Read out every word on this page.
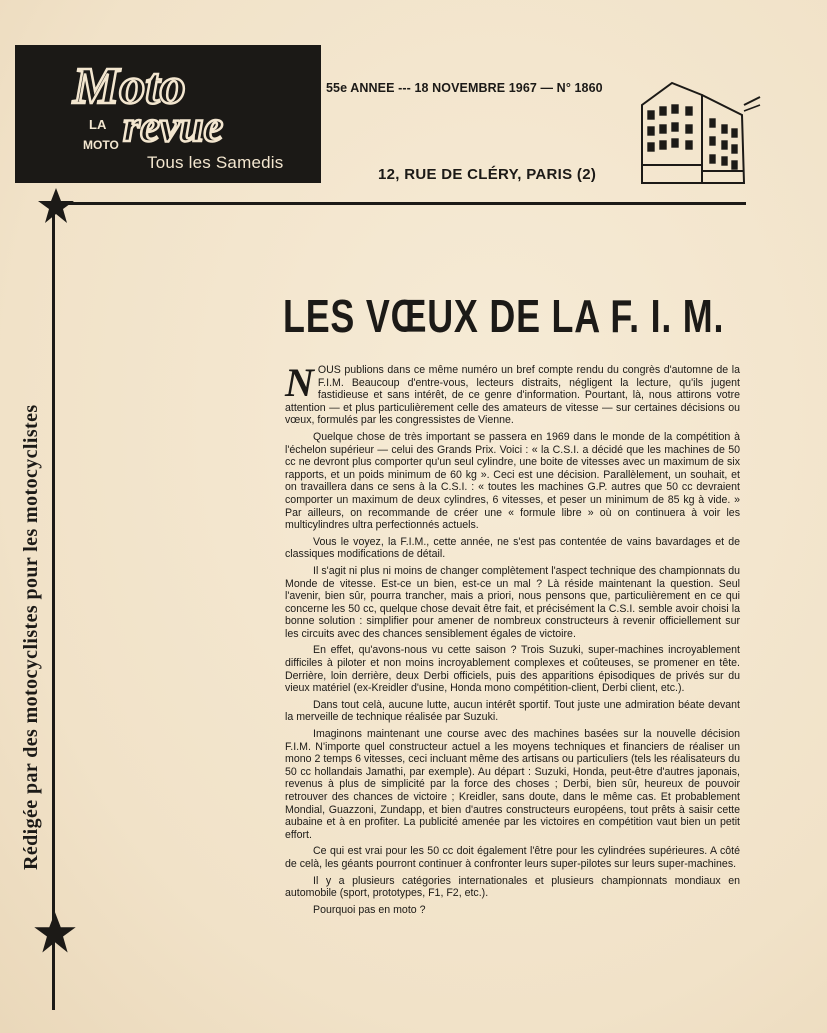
Moto
LA revue
MOTO
Tous les Samedis
55e ANNEE --- 18 NOVEMBRE 1967 — N° 1860
12, RUE DE CLÉRY, PARIS (2)
Rédigée par des motocyclistes pour les motocyclistes
LES VŒUX DE LA F. I. M.

NOUS publions dans ce même numéro un bref compte rendu du congrès d'automne de la F.I.M. Beaucoup d'entre-vous, lecteurs distraits, négligent la lecture, qu'ils jugent fastidieuse et sans intérêt, de ce genre d'information. Pourtant, là, nous attirons votre attention — et plus particulièrement celle des amateurs de vitesse — sur certaines décisions ou vœux, formulés par les congressistes de Vienne.

Quelque chose de très important se passera en 1969 dans le monde de la compétition à l'échelon supérieur — celui des Grands Prix. Voici : « la C.S.I. a décidé que les machines de 50 cc ne devront plus comporter qu'un seul cylindre, une boite de vitesses avec un maximum de six rapports, et un poids minimum de 60 kg ». Ceci est une décision. Parallèlement, un souhait, et on travaillera dans ce sens à la C.S.I. : « toutes les machines G.P. autres que 50 cc devraient comporter un maximum de deux cylindres, 6 vitesses, et peser un minimum de 85 kg à vide. » Par ailleurs, on recommande de créer une « formule libre » où on continuera à voir les multicylindres ultra perfectionnés actuels.

Vous le voyez, la F.I.M., cette année, ne s'est pas contentée de vains bavardages et de classiques modifications de détail.

Il s'agit ni plus ni moins de changer complètement l'aspect technique des championnats du Monde de vitesse. Est-ce un bien, est-ce un mal ? Là réside maintenant la question. Seul l'avenir, bien sûr, pourra trancher, mais a priori, nous pensons que, particulièrement en ce qui concerne les 50 cc, quelque chose devait être fait, et précisément la C.S.I. semble avoir choisi la bonne solution : simplifier pour amener de nombreux constructeurs à revenir officiellement sur les circuits avec des chances sensiblement égales de victoire.

En effet, qu'avons-nous vu cette saison ? Trois Suzuki, super-machines incroyablement difficiles à piloter et non moins incroyablement complexes et coûteuses, se promener en tête. Derrière, loin derrière, deux Derbi officiels, puis des apparitions épisodiques de privés sur du vieux matériel (ex-Kreidler d'usine, Honda mono compétition-client, Derbi client, etc.).

Dans tout celà, aucune lutte, aucun intérêt sportif. Tout juste une admiration béate devant la merveille de technique réalisée par Suzuki.

Imaginons maintenant une course avec des machines basées sur la nouvelle décision F.I.M. N'importe quel constructeur actuel a les moyens techniques et financiers de réaliser un mono 2 temps 6 vitesses, ceci incluant même des artisans ou particuliers (tels les réalisateurs du 50 cc hollandais Jamathi, par exemple). Au départ : Suzuki, Honda, peut-être d'autres japonais, revenus à plus de simplicité par la force des choses ; Derbi, bien sûr, heureux de pouvoir retrouver des chances de victoire ; Kreidler, sans doute, dans le même cas. Et probablement Mondial, Guazzoni, Zundapp, et bien d'autres constructeurs européens, tout prêts à saisir cette aubaine et à en profiter. La publicité amenée par les victoires en compétition vaut bien un petit effort.

Ce qui est vrai pour les 50 cc doit également l'être pour les cylindrées supérieures. A côté de celà, les géants pourront continuer à confronter leurs super-pilotes sur leurs super-machines.

Il y a plusieurs catégories internationales et plusieurs championnats mondiaux en automobile (sport, prototypes, F1, F2, etc.).

Pourquoi pas en moto ?
